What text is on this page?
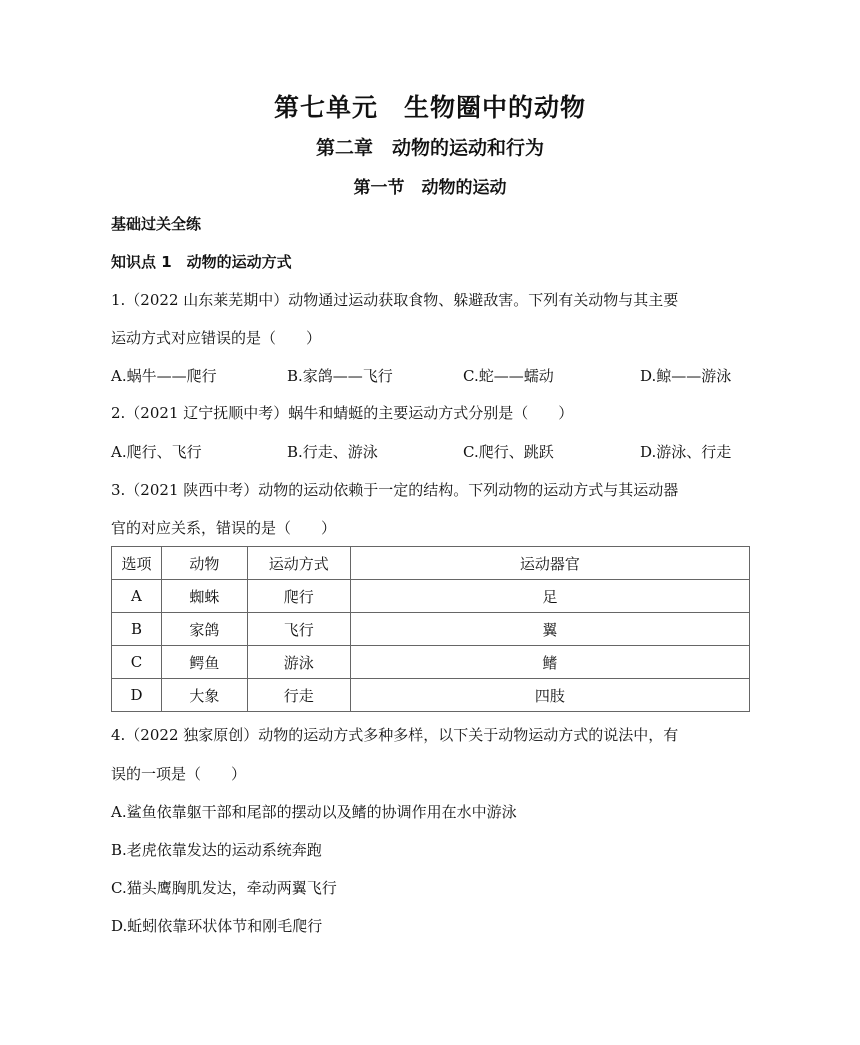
第七单元　生物圈中的动物
第二章　动物的运动和行为
第一节　动物的运动
基础过关全练
知识点 1　动物的运动方式
1.（2022 山东莱芜期中）动物通过运动获取食物、躲避敌害。下列有关动物与其主要
运动方式对应错误的是（　　）
A.蜗牛——爬行	B.家鸽——飞行	C.蛇——蠕动	D.鲸——游泳
2.（2021 辽宁抚顺中考）蜗牛和蜻蜓的主要运动方式分别是（　　）
A.爬行、飞行	B.行走、游泳	C.爬行、跳跃	D.游泳、行走
3.（2021 陕西中考）动物的运动依赖于一定的结构。下列动物的运动方式与其运动器
官的对应关系，错误的是（　　）
选项	动物	运动方式	运动器官
A	蜘蛛	爬行	足
B	家鸽	飞行	翼
C	鳄鱼	游泳	鳍
D	大象	行走	四肢
4.（2022 独家原创）动物的运动方式多种多样，以下关于动物运动方式的说法中，有
误的一项是（　　）
A.鲨鱼依靠躯干部和尾部的摆动以及鳍的协调作用在水中游泳
B.老虎依靠发达的运动系统奔跑
C.猫头鹰胸肌发达，牵动两翼飞行
D.蚯蚓依靠环状体节和刚毛爬行
